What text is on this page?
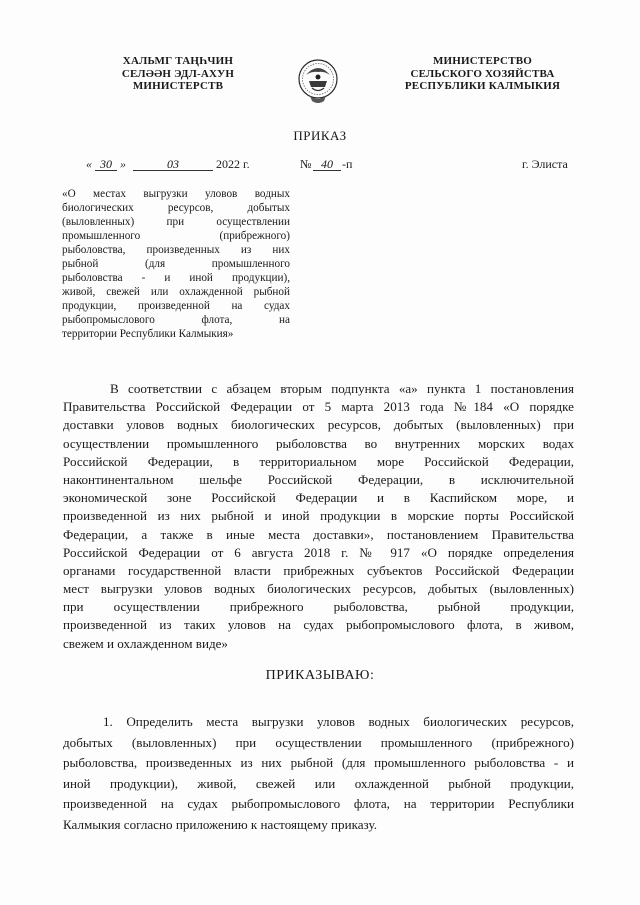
ХАЛЬМГ ТАҢҺЧИН
СЕЛӘӘН ЭДЛ-АХУН
МИНИСТЕРСТВ
МИНИСТЕРСТВО
СЕЛЬСКОГО ХОЗЯЙСТВА
РЕСПУБЛИКИ КАЛМЫКИЯ
ПРИКАЗ
« 30 »	03	2022 г.	№ 40 -п	г. Элиста
«О местах выгрузки уловов водных
биологических ресурсов, добытых
(выловленных) при осуществлении
промышленного (прибрежного)
рыболовства, произведенных из них
рыбной (для промышленного
рыболовства - и иной продукции),
живой, свежей или охлажденной рыбной
продукции, произведенной на судах
рыбопромыслового флота, на
территории Республики Калмыкия»
В соответствии с абзацем вторым подпункта «а» пункта 1 постановления
Правительства Российской Федерации от 5 марта 2013 года №184 «О порядке
доставки уловов водных биологических ресурсов, добытых (выловленных) при
осуществлении промышленного рыболовства во внутренних морских водах
Российской Федерации, в территориальном море Российской Федерации,
наконтинентальном шельфе Российской Федерации, в исключительной
экономической зоне Российской Федерации и в Каспийском море, и
произведенной из них рыбной и иной продукции в морские порты Российской
Федерации, а также в иные места доставки», постановлением Правительства
Российской Федерации от 6 августа 2018 г. № 917 «О порядке определения
органами государственной власти прибрежных субъектов Российской Федерации
мест выгрузки уловов водных биологических ресурсов, добытых (выловленных)
при осуществлении прибрежного рыболовства, рыбной продукции,
произведенной из таких уловов на судах рыбопромыслового флота, в живом,
свежем и охлажденном виде»
ПРИКАЗЫВАЮ:
1. Определить места выгрузки уловов водных биологических ресурсов,
добытых (выловленных) при осуществлении промышленного (прибрежного)
рыболовства, произведенных из них рыбной (для промышленного рыболовства - и
иной продукции), живой, свежей или охлажденной рыбной продукции,
произведенной на судах рыбопромыслового флота, на территории Республики
Калмыкия согласно приложению к настоящему приказу.
